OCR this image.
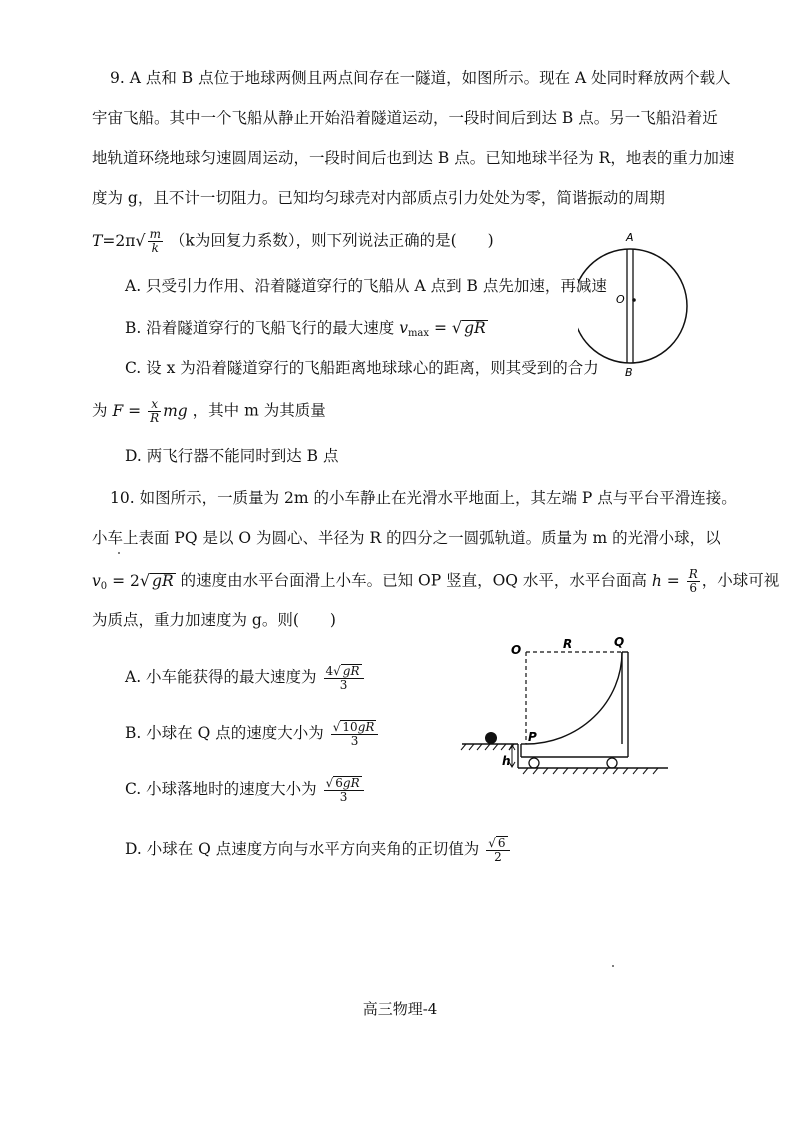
9. A 点和 B 点位于地球两侧且两点间存在一隧道，如图所示。现在 A 处同时释放两个载人
宇宙飞船。其中一个飞船从静止开始沿着隧道运动，一段时间后到达 B 点。另一飞船沿着近
地轨道环绕地球匀速圆周运动，一段时间后也到达 B 点。已知地球半径为 R，地表的重力加速
度为 g，且不计一切阻力。已知均匀球壳对内部质点引力处处为零，简谐振动的周期
$T=2\pi√ \frac{m}{k} (k$为回复力系数），则下列说法正确的是(　　)
A. 只受引力作用、沿着隧道穿行的飞船从 A 点到 B 点先加速，再减速
B. 沿着隧道穿行的飞船飞行的最大速度 $v_{max}$ = √ gR
C. 设 x 为沿着隧道穿行的飞船距离地球球心的距离，则其受到的合力
为 $F = \frac{x}{R}$ mg ，其中 m 为其质量
D. 两飞行器不能同时到达 B 点
A
O
B
10. 如图所示，一质量为 2m 的小车静止在光滑水平地面上，其左端 P 点与平台平滑连接。
小车上表面 PQ 是以 O 为圆心、半径为 R 的四分之一圆弧轨道。质量为 m 的光滑小球，以
$v_0 = 2√$ gR 的速度由水平台面滑上小车。已知 OP 竖直，OQ 水平，水平台面高 $h = \frac{R}{6}$ ，小球可视
为质点，重力加速度为 g。则(　　)
A. 小车能获得的最大速度为 $\frac{4√ gR}{3}$
B. 小球在 Q 点的速度大小为 $\frac{√ 10gR}{3}$
C. 小球落地时的速度大小为 $\frac{√ 6gR}{3}$
D. 小球在 Q 点速度方向与水平方向夹角的正切值为 $\frac{√ 6}{2}$
O	R	Q
P
h
高三物理-4
